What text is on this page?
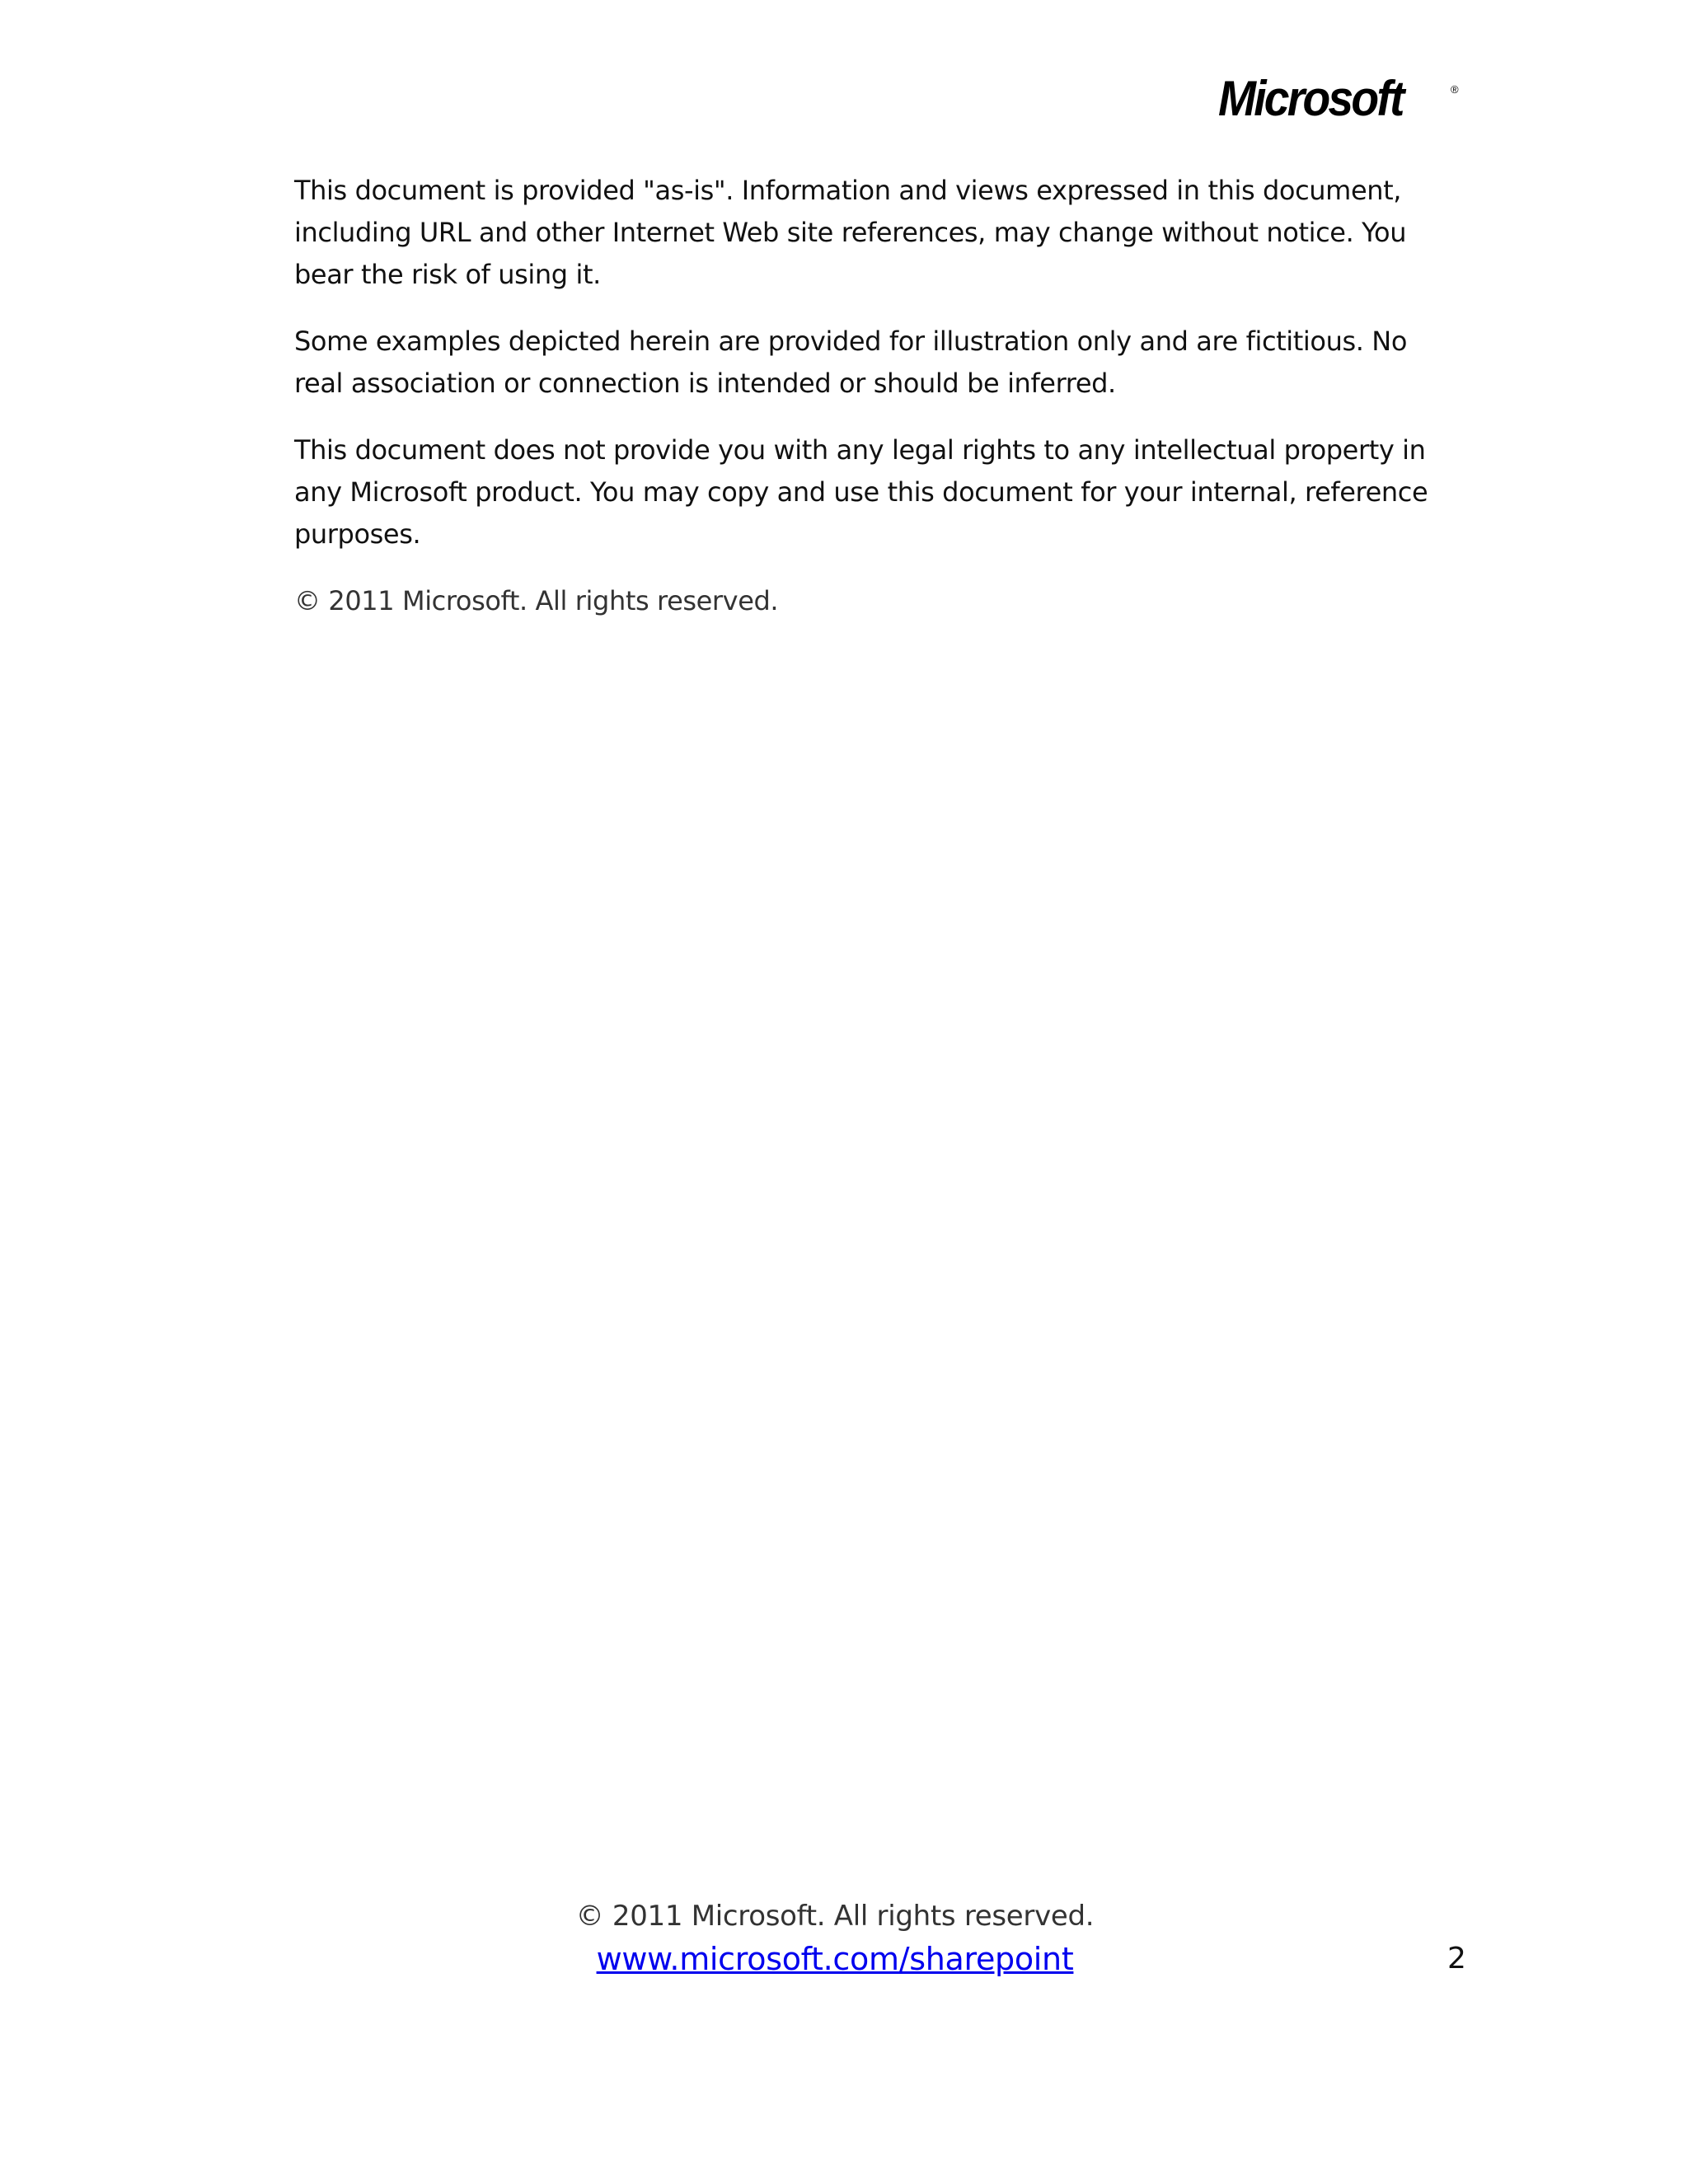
Microsoft	®

This document is provided "as-is". Information and views expressed in this document, including URL and other Internet Web site references, may change without notice. You bear the risk of using it.

Some examples depicted herein are provided for illustration only and are fictitious. No real association or connection is intended or should be inferred.

This document does not provide you with any legal rights to any intellectual property in any Microsoft product. You may copy and use this document for your internal, reference purposes.

© 2011 Microsoft. All rights reserved.

© 2011 Microsoft. All rights reserved.
www.microsoft.com/sharepoint	2
